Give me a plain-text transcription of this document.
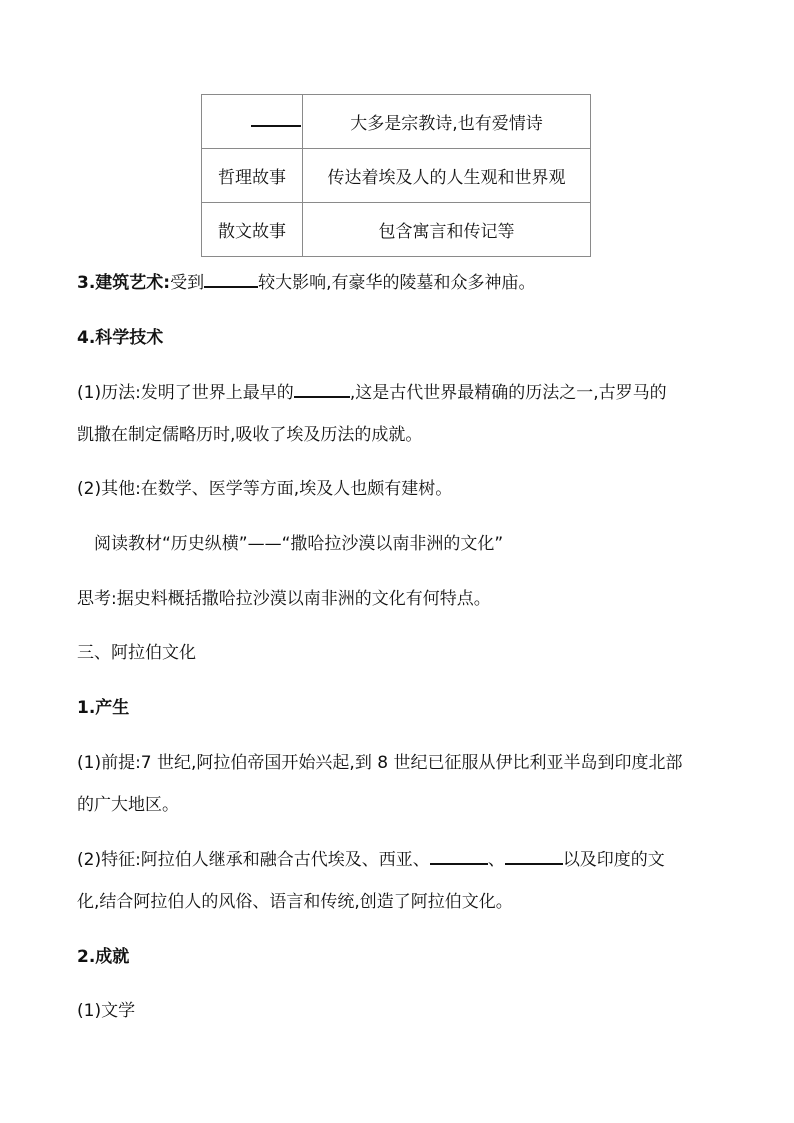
	大多是宗教诗,也有爱情诗
哲理故事	传达着埃及人的人生观和世界观
散文故事	包含寓言和传记等
3.建筑艺术:受到	较大影响,有豪华的陵墓和众多神庙。
4.科学技术
(1)历法:发明了世界上最早的	,这是古代世界最精确的历法之一,古罗马的
凯撒在制定儒略历时,吸收了埃及历法的成就。
(2)其他:在数学、医学等方面,埃及人也颇有建树。
阅读教材“历史纵横”——“撒哈拉沙漠以南非洲的文化”
思考:据史料概括撒哈拉沙漠以南非洲的文化有何特点。
三、阿拉伯文化
1.产生
(1)前提:7 世纪,阿拉伯帝国开始兴起,到 8 世纪已征服从伊比利亚半岛到印度北部
的广大地区。
(2)特征:阿拉伯人继承和融合古代埃及、西亚、	、	以及印度的文
化,结合阿拉伯人的风俗、语言和传统,创造了阿拉伯文化。
2.成就
(1)文学
